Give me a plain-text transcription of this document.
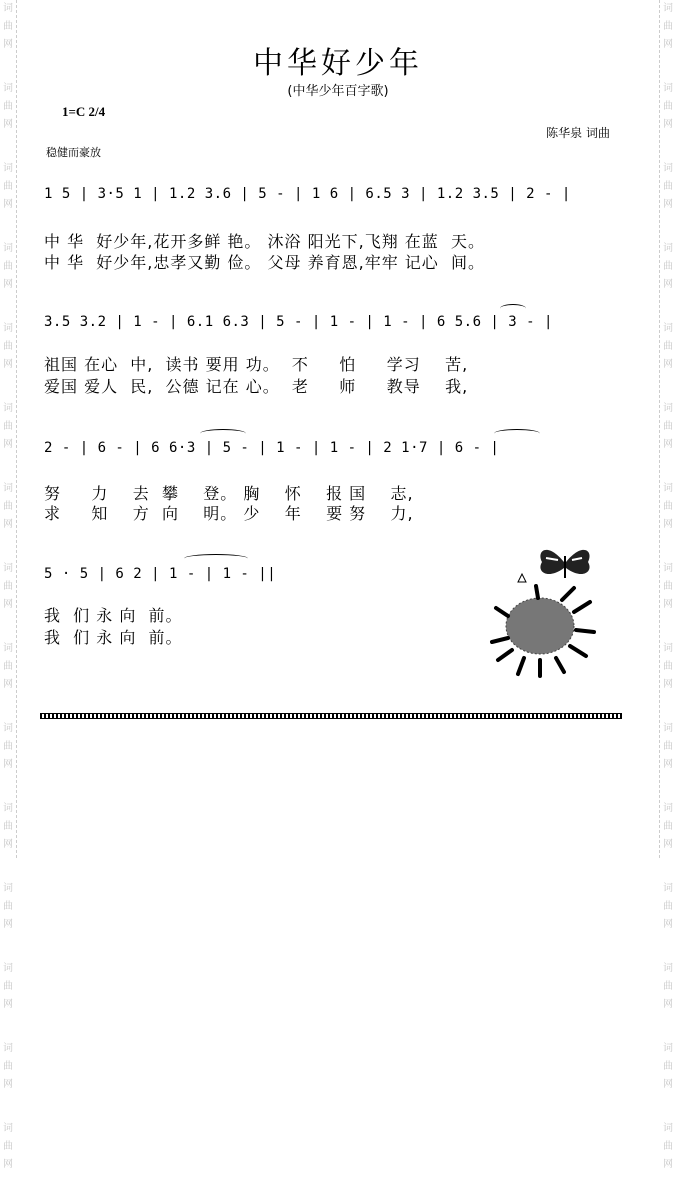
词
曲
网
词
曲
网
词
曲
网
词
曲
网
词
曲
网
词
曲
网
词
曲
网
词
曲
网
词
曲
网
词
曲
网
词
曲
网
词
曲
网
词
曲
网
词
曲
网
词
曲
网
词
曲
网
词
曲
网
词
曲
网
词
曲
网
词
曲
网
词
曲
网
词
曲
网
词
曲
网
词
曲
网
词
曲
网
词
曲
网
词
曲
网
词
曲
网
词
曲
网
词
曲
网
中华好少年
(中华少年百字歌)
1=C 2/4
陈华泉 词曲
稳健而豪放
1 5 | 3·5 1 | 1.2 3.6 | 5 - | 1 6 | 6.5 3 | 1.2 3.5 | 2 - |
中 华  好少年,花开多鲜 艳。 沐浴 阳光下,飞翔 在蓝  天。
中 华  好少年,忠孝又勤 俭。 父母 养育恩,牢牢 记心  间。
3.5 3.2 | 1 - | 6.1 6.3 | 5 - | 1 - | 1 - | 6 5.6 | 3 - |
祖国 在心  中,  读书 要用 功。  不     怕     学习    苦,
爱国 爱人  民,  公德 记在 心。  老     师     教导    我,
2 - | 6 - | 6 6·3 | 5 - | 1 - | 1 - | 2 1·7 | 6 - |
努     力    去  攀    登。 胸    怀    报 国    志,
求     知    方  向    明。 少    年    要 努    力,
5 · 5 | 6 2 | 1 - | 1 - ||
我  们 永 向  前。
我  们 永 向  前。
